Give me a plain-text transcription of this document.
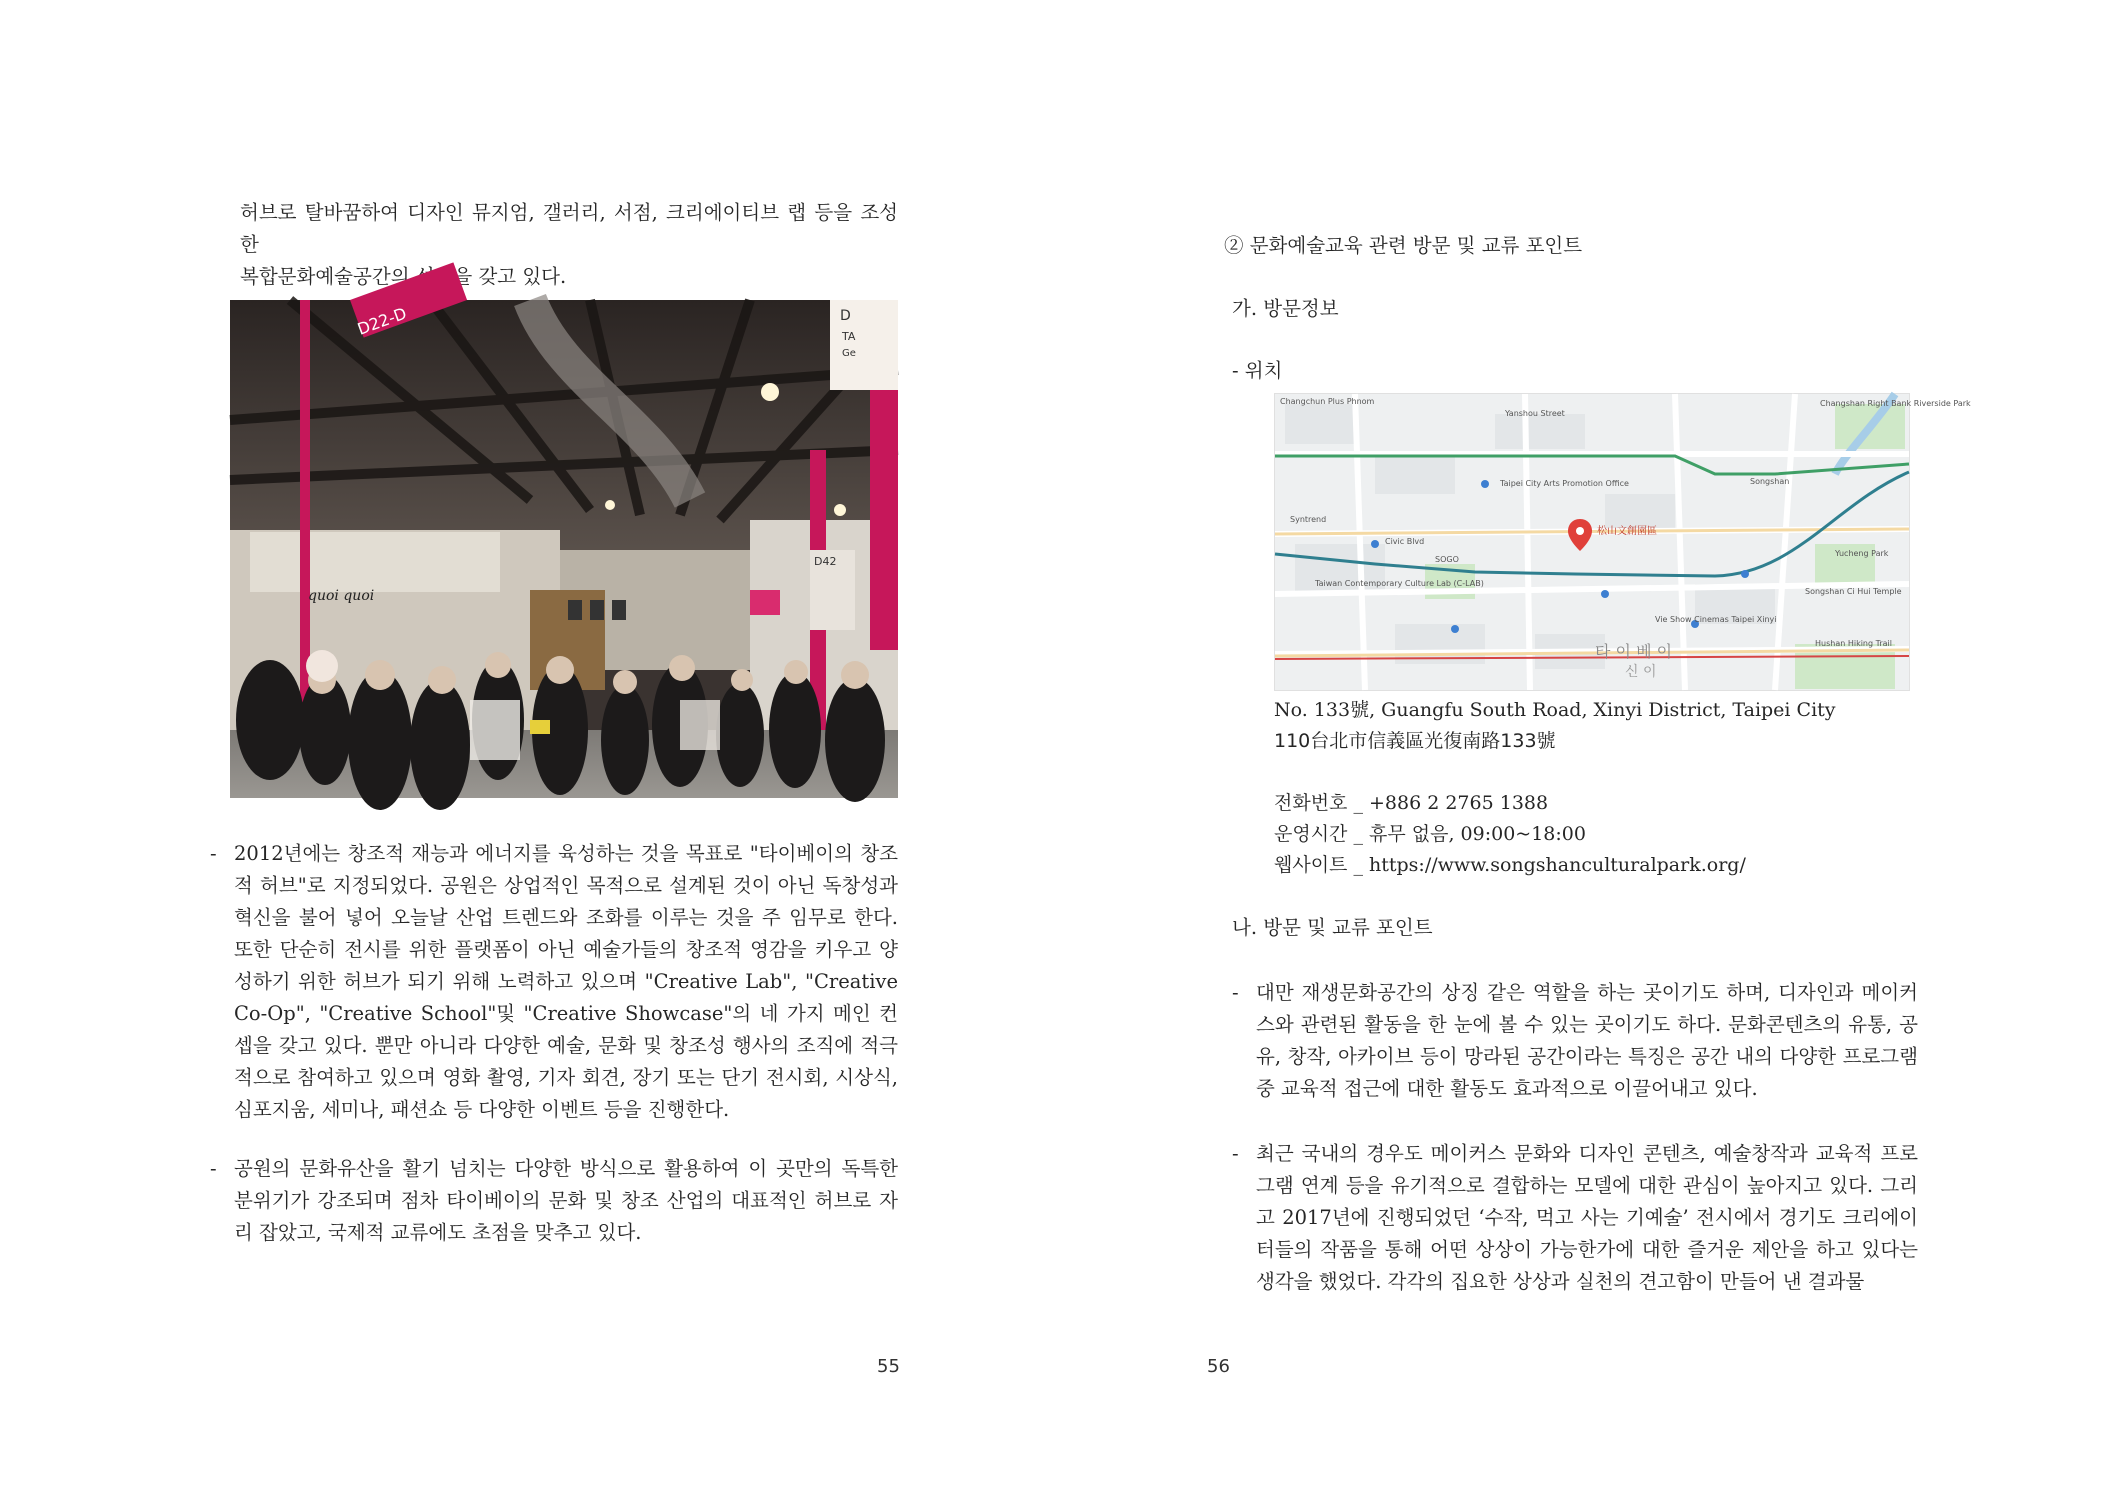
허브로 탈바꿈하여 디자인 뮤지엄, 갤러리, 서점, 크리에이티브 랩 등을 조성한
복합문화예술공간의 성격을 갖고 있다.

D22-D	D
TA
Ge
quoi quoi
D42
- 2012년에는 창조적 재능과 에너지를 육성하는 것을 목표로 "타이베이의 창조적 허브"로 지정되었다. 공원은 상업적인 목적으로 설계된 것이 아닌 독창성과 혁신을 불어 넣어 오늘날 산업 트렌드와 조화를 이루는 것을 주 임무로 한다. 또한 단순히 전시를 위한 플랫폼이 아닌 예술가들의 창조적 영감을 키우고 양성하기 위한 허브가 되기 위해 노력하고 있으며 "Creative Lab", "Creative Co-Op", "Creative School"및 "Creative Showcase"의 네 가지 메인 컨셉을 갖고 있다. 뿐만 아니라 다양한 예술, 문화 및 창조성 행사의 조직에 적극적으로 참여하고 있으며 영화 촬영, 기자 회견, 장기 또는 단기 전시회, 시상식, 심포지움, 세미나, 패션쇼 등 다양한 이벤트 등을 진행한다.
- 공원의 문화유산을 활기 넘치는 다양한 방식으로 활용하여 이 곳만의 독특한 분위기가 강조되며 점차 타이베이의 문화 및 창조 산업의 대표적인 허브로 자리 잡았고, 국제적 교류에도 초점을 맞추고 있다.
55

② 문화예술교육 관련 방문 및 교류 포인트

가. 방문정보

- 위치

松山文創園區
Changchun Plus Phnom
Yanshou Street
Changshan Right Bank Riverside Park
Taipei City Arts Promotion Office	Songshan
Syntrend
Civic Blvd
SOGO
Taiwan Contemporary Culture Lab (C-LAB)
Vie Show Cinemas Taipei Xinyi
Yucheng Park
Songshan Ci Hui Temple
Hushan Hiking Trail
타 이 베 이
신 이
No. 133號, Guangfu South Road, Xinyi District, Taipei City
110台北市信義區光復南路133號
전화번호 _ +886 2 2765 1388
운영시간 _ 휴무 없음, 09:00~18:00
웹사이트 _ https://www.songshanculturalpark.org/

나. 방문 및 교류 포인트

- 대만 재생문화공간의 상징 같은 역할을 하는 곳이기도 하며, 디자인과 메이커스와 관련된 활동을 한 눈에 볼 수 있는 곳이기도 하다. 문화콘텐츠의 유통, 공유, 창작, 아카이브 등이 망라된 공간이라는 특징은 공간 내의 다양한 프로그램 중 교육적 접근에 대한 활동도 효과적으로 이끌어내고 있다.
- 최근 국내의 경우도 메이커스 문화와 디자인 콘텐츠, 예술창작과 교육적 프로그램 연계 등을 유기적으로 결합하는 모델에 대한 관심이 높아지고 있다. 그리고 2017년에 진행되었던 ‘수작, 먹고 사는 기예술’ 전시에서 경기도 크리에이터들의 작품을 통해 어떤 상상이 가능한가에 대한 즐거운 제안을 하고 있다는 생각을 했었다. 각각의 집요한 상상과 실천의 견고함이 만들어 낸 결과물
56
